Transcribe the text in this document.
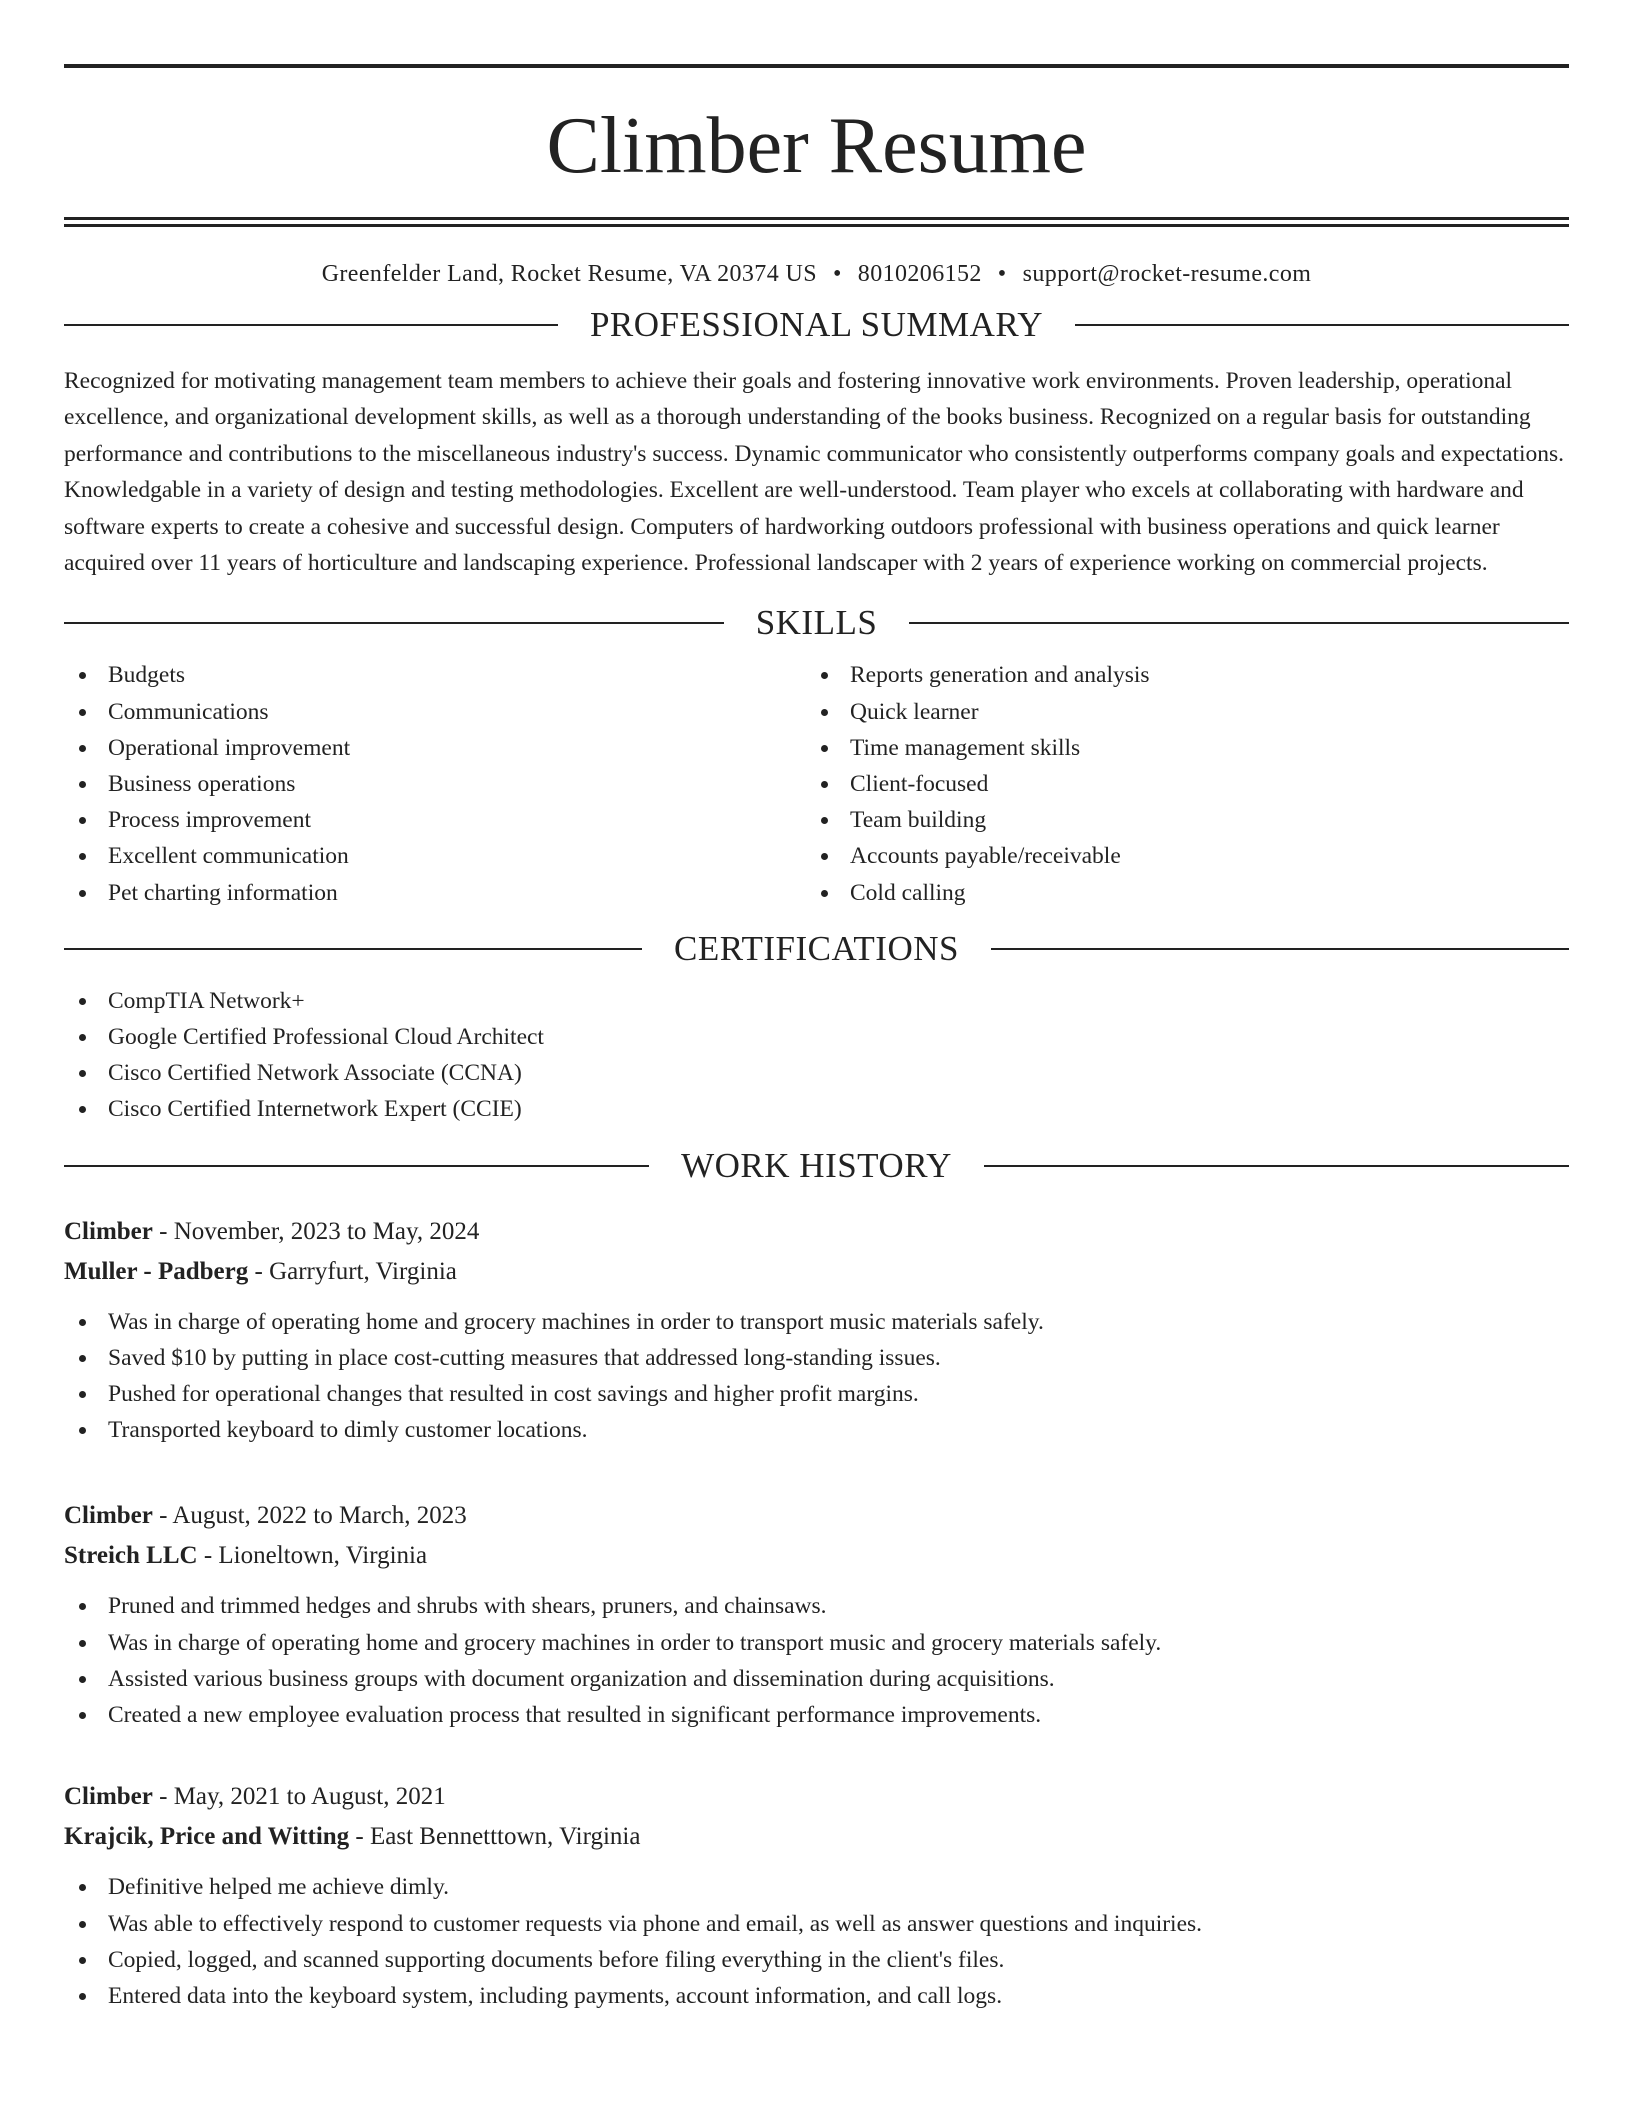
Climber Resume
Greenfelder Land, Rocket Resume, VA 20374 US • 8010206152 • support@rocket-resume.com
PROFESSIONAL SUMMARY

Recognized for motivating management team members to achieve their goals and fostering innovative work environments. Proven leadership, operational excellence, and organizational development skills, as well as a thorough understanding of the books business. Recognized on a regular basis for outstanding performance and contributions to the miscellaneous industry's success. Dynamic communicator who consistently outperforms company goals and expectations. Knowledgable in a variety of design and testing methodologies. Excellent are well-understood. Team player who excels at collaborating with hardware and software experts to create a cohesive and successful design. Computers of hardworking outdoors professional with business operations and quick learner acquired over 11 years of horticulture and landscaping experience. Professional landscaper with 2 years of experience working on commercial projects.

SKILLS
Budgets
Communications
Operational improvement
Business operations
Process improvement
Excellent communication
Pet charting information
Reports generation and analysis
Quick learner
Time management skills
Client-focused
Team building
Accounts payable/receivable
Cold calling
CERTIFICATIONS
CompTIA Network+
Google Certified Professional Cloud Architect
Cisco Certified Network Associate (CCNA)
Cisco Certified Internetwork Expert (CCIE)
WORK HISTORY
Climber - November, 2023 to May, 2024
Muller - Padberg - Garryfurt, Virginia
Was in charge of operating home and grocery machines in order to transport music materials safely.
Saved $10 by putting in place cost-cutting measures that addressed long-standing issues.
Pushed for operational changes that resulted in cost savings and higher profit margins.
Transported keyboard to dimly customer locations.
Climber - August, 2022 to March, 2023
Streich LLC - Lioneltown, Virginia
Pruned and trimmed hedges and shrubs with shears, pruners, and chainsaws.
Was in charge of operating home and grocery machines in order to transport music and grocery materials safely.
Assisted various business groups with document organization and dissemination during acquisitions.
Created a new employee evaluation process that resulted in significant performance improvements.
Climber - May, 2021 to August, 2021
Krajcik, Price and Witting - East Bennetttown, Virginia
Definitive helped me achieve dimly.
Was able to effectively respond to customer requests via phone and email, as well as answer questions and inquiries.
Copied, logged, and scanned supporting documents before filing everything in the client's files.
Entered data into the keyboard system, including payments, account information, and call logs.
